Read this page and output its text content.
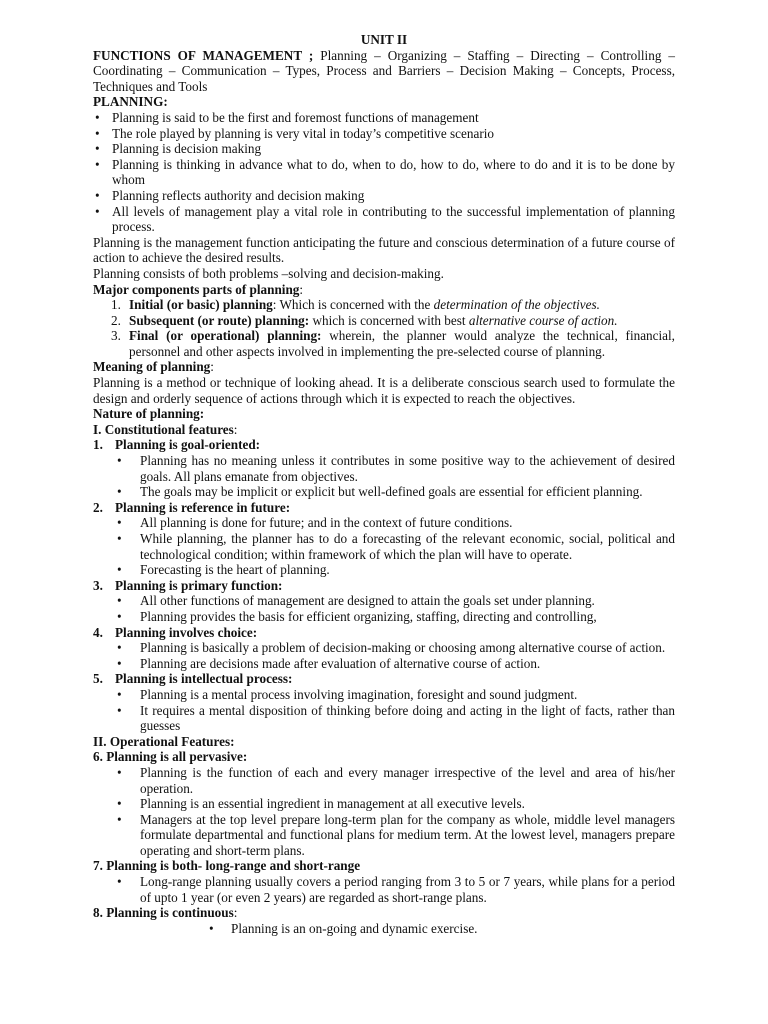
UNIT II
FUNCTIONS OF MANAGEMENT ; Planning – Organizing – Staffing – Directing – Controlling – Coordinating – Communication – Types, Process and Barriers – Decision Making – Concepts, Process, Techniques and Tools
PLANNING:
• Planning is said to be the first and foremost functions of management
• The role played by planning is very vital in today’s competitive scenario
• Planning is decision making
• Planning is thinking in advance what to do, when to do, how to do, where to do and it is to be done by whom
• Planning reflects authority and decision making
• All levels of management play a vital role in contributing to the successful implementation of planning process.
Planning is the management function anticipating the future and conscious determination of a future course of action to achieve the desired results.
Planning consists of both problems –solving and decision-making.
Major components parts of planning:
1. Initial (or basic) planning: Which is concerned with the determination of the objectives.
2. Subsequent (or route) planning: which is concerned with best alternative course of action.
3. Final (or operational) planning: wherein, the planner would analyze the technical, financial, personnel and other aspects involved in implementing the pre-selected course of planning.
Meaning of planning:
Planning is a method or technique of looking ahead. It is a deliberate conscious search used to formulate the design and orderly sequence of actions through which it is expected to reach the objectives.
Nature of planning:
I. Constitutional features:
1. Planning is goal-oriented:
• Planning has no meaning unless it contributes in some positive way to the achievement of desired goals. All plans emanate from objectives.
• The goals may be implicit or explicit but well-defined goals are essential for efficient planning.
2. Planning is reference in future:
• All planning is done for future; and in the context of future conditions.
• While planning, the planner has to do a forecasting of the relevant economic, social, political and technological condition; within framework of which the plan will have to operate.
• Forecasting is the heart of planning.
3. Planning is primary function:
• All other functions of management are designed to attain the goals set under planning.
• Planning provides the basis for efficient organizing, staffing, directing and controlling,
4. Planning involves choice:
• Planning is basically a problem of decision-making or choosing among alternative course of action.
• Planning are decisions made after evaluation of alternative course of action.
5. Planning is intellectual process:
• Planning is a mental process involving imagination, foresight and sound judgment.
• It requires a mental disposition of thinking before doing and acting in the light of facts, rather than guesses
II. Operational Features:
6. Planning is all pervasive:
• Planning is the function of each and every manager irrespective of the level and area of his/her operation.
• Planning is an essential ingredient in management at all executive levels.
• Managers at the top level prepare long-term plan for the company as whole, middle level managers formulate departmental and functional plans for medium term. At the lowest level, managers prepare operating and short-term plans.
7. Planning is both- long-range and short-range
• Long-range planning usually covers a period ranging from 3 to 5 or 7 years, while plans for a period of upto 1 year (or even 2 years) are regarded as short-range plans.
8. Planning is continuous:
• Planning is an on-going and dynamic exercise.
